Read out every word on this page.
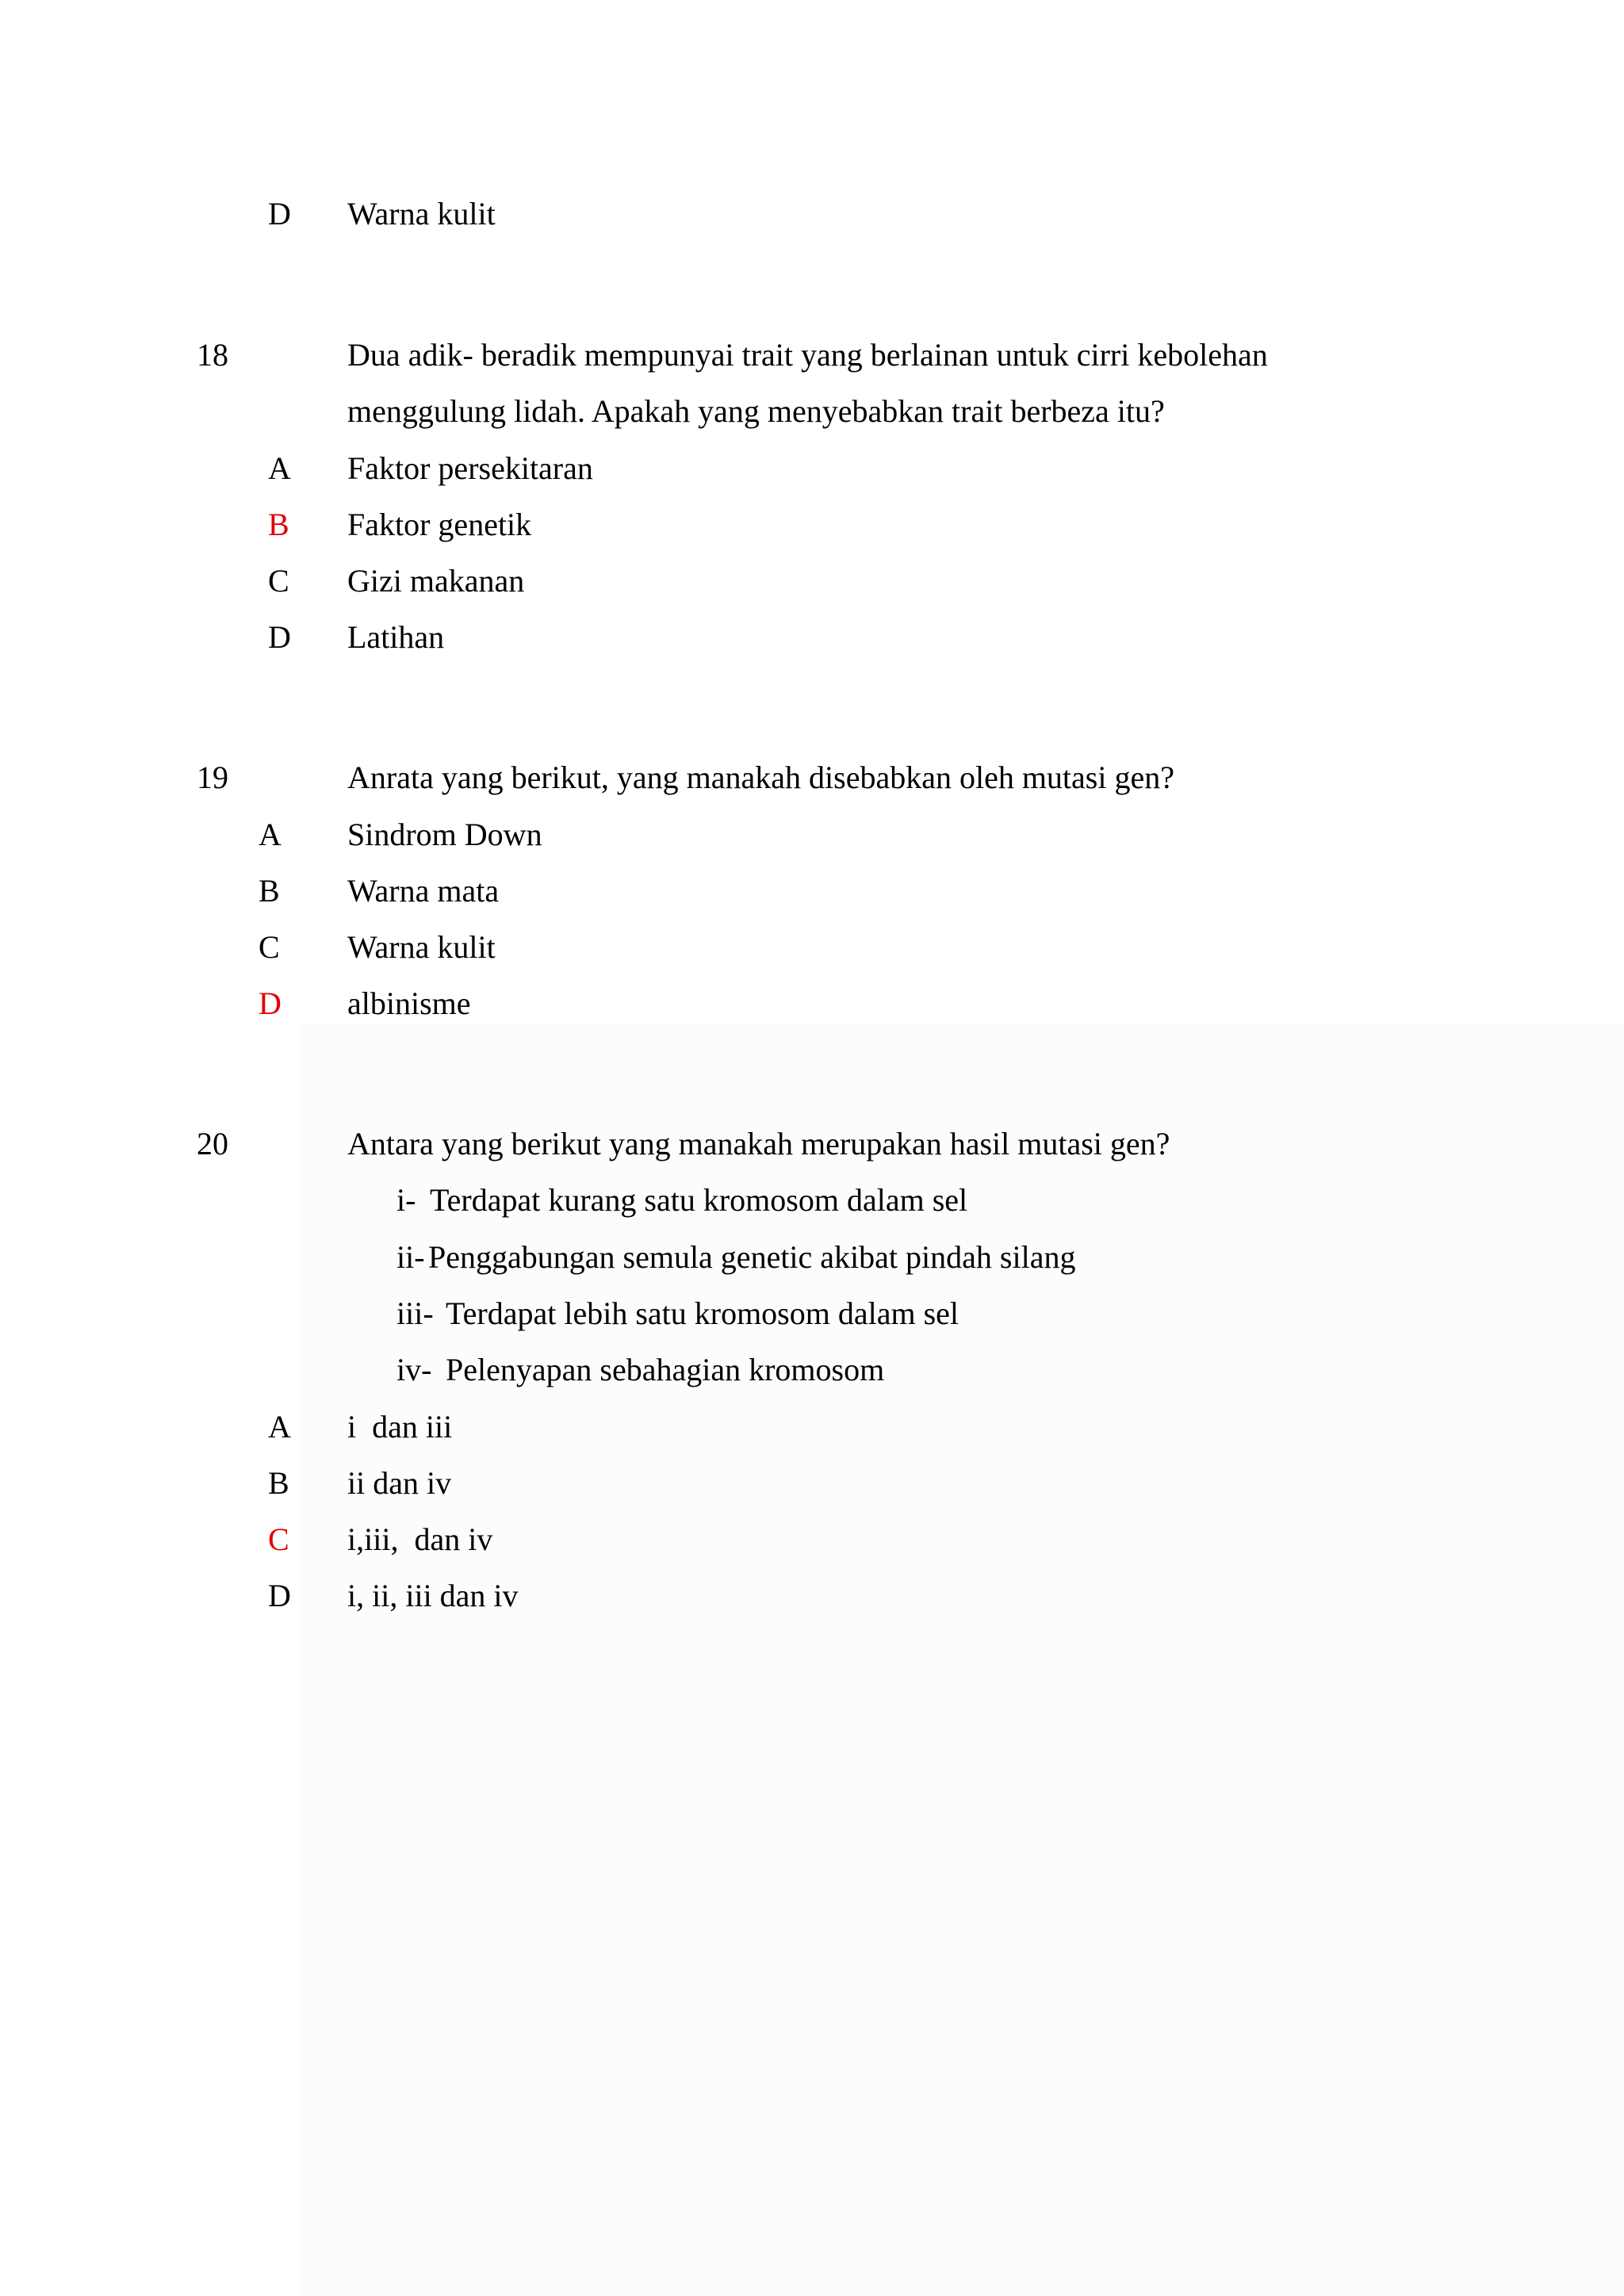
D Warna kulit
18	Dua adik- beradik mempunyai trait yang berlainan untuk cirri kebolehan
menggulung lidah. Apakah yang menyebabkan trait berbeza itu?
A Faktor persekitaran
B Faktor genetik
C Gizi makanan
D Latihan
19	Anrata yang berikut, yang manakah disebabkan oleh mutasi gen?
A Sindrom Down
B Warna mata
C Warna kulit
D albinisme
20	Antara yang berikut yang manakah merupakan hasil mutasi gen?
i- Terdapat kurang satu kromosom dalam sel
ii- Penggabungan semula genetic akibat pindah silang
iii- Terdapat lebih satu kromosom dalam sel
iv- Pelenyapan sebahagian kromosom
A i  dan iii
B ii dan iv
C i,iii,  dan iv
D i, ii, iii dan iv
